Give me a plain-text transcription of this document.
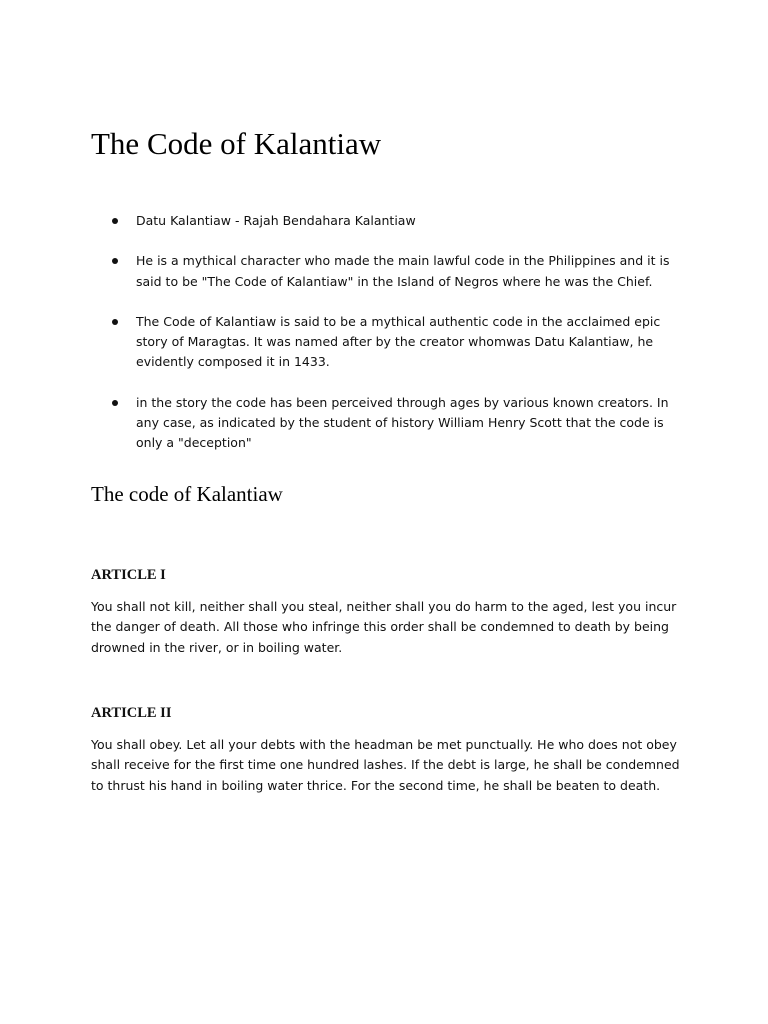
The Code of Kalantiaw
Datu Kalantiaw - Rajah Bendahara Kalantiaw
He is a mythical character who made the main lawful code in the Philippines and it is said to be "The Code of Kalantiaw" in the Island of Negros where he was the Chief.
The Code of Kalantiaw is said to be a mythical authentic code in the acclaimed epic story of Maragtas. It was named after by the creator whomwas Datu Kalantiaw, he evidently composed it in 1433.
in the story the code has been perceived through ages by various known creators. In any case, as indicated by the student of history William Henry Scott that the code is only a "deception"
The code of Kalantiaw
ARTICLE I

You shall not kill, neither shall you steal, neither shall you do harm to the aged, lest you incur the danger of death. All those who infringe this order shall be condemned to death by being drowned in the river, or in boiling water.

ARTICLE II

You shall obey. Let all your debts with the headman be met punctually. He who does not obey shall receive for the first time one hundred lashes. If the debt is large, he shall be condemned to thrust his hand in boiling water thrice. For the second time, he shall be beaten to death.
